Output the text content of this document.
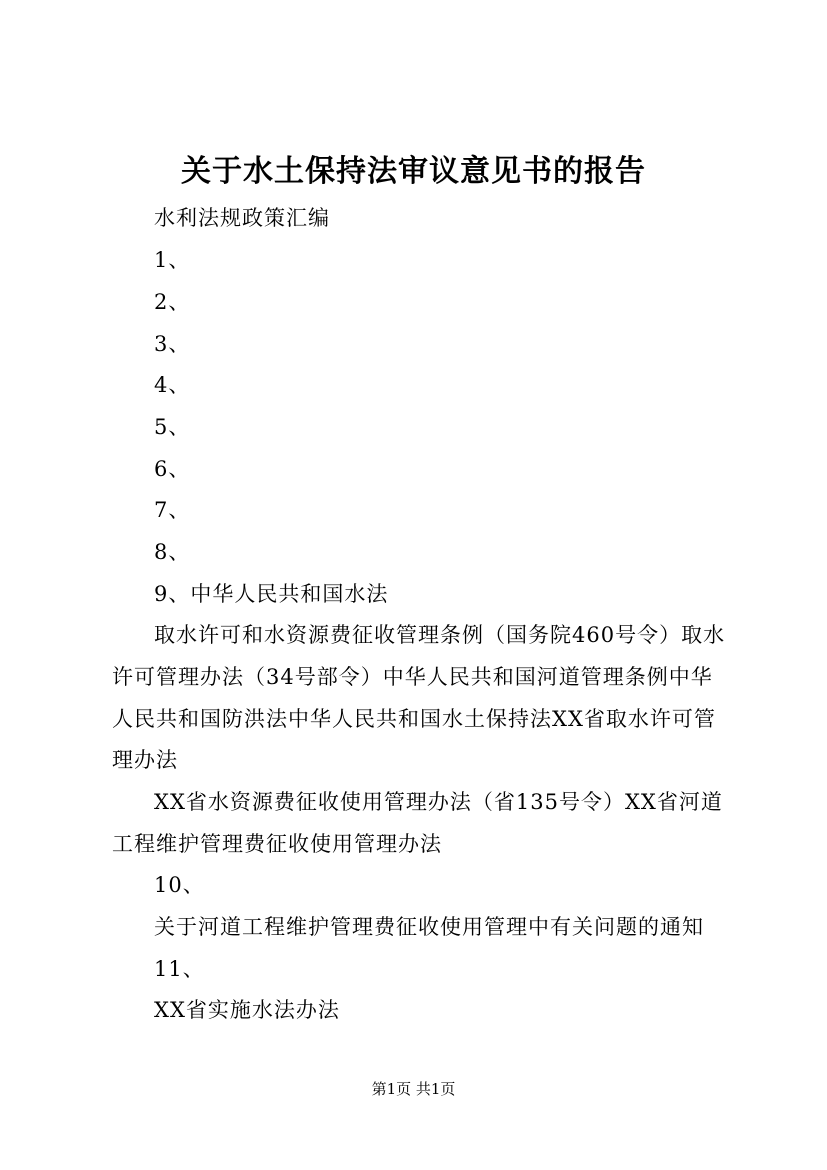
关于水土保持法审议意见书的报告
水利法规政策汇编
1、
2、
3、
4、
5、
6、
7、
8、
9、中华人民共和国水法
取水许可和水资源费征收管理条例（国务院460号令）取水
许可管理办法（34号部令）中华人民共和国河道管理条例中华
人民共和国防洪法中华人民共和国水土保持法XX省取水许可管
理办法
XX省水资源费征收使用管理办法（省135号令）XX省河道
工程维护管理费征收使用管理办法
10、
关于河道工程维护管理费征收使用管理中有关问题的通知
11、
XX省实施水法办法
第1页 共1页
